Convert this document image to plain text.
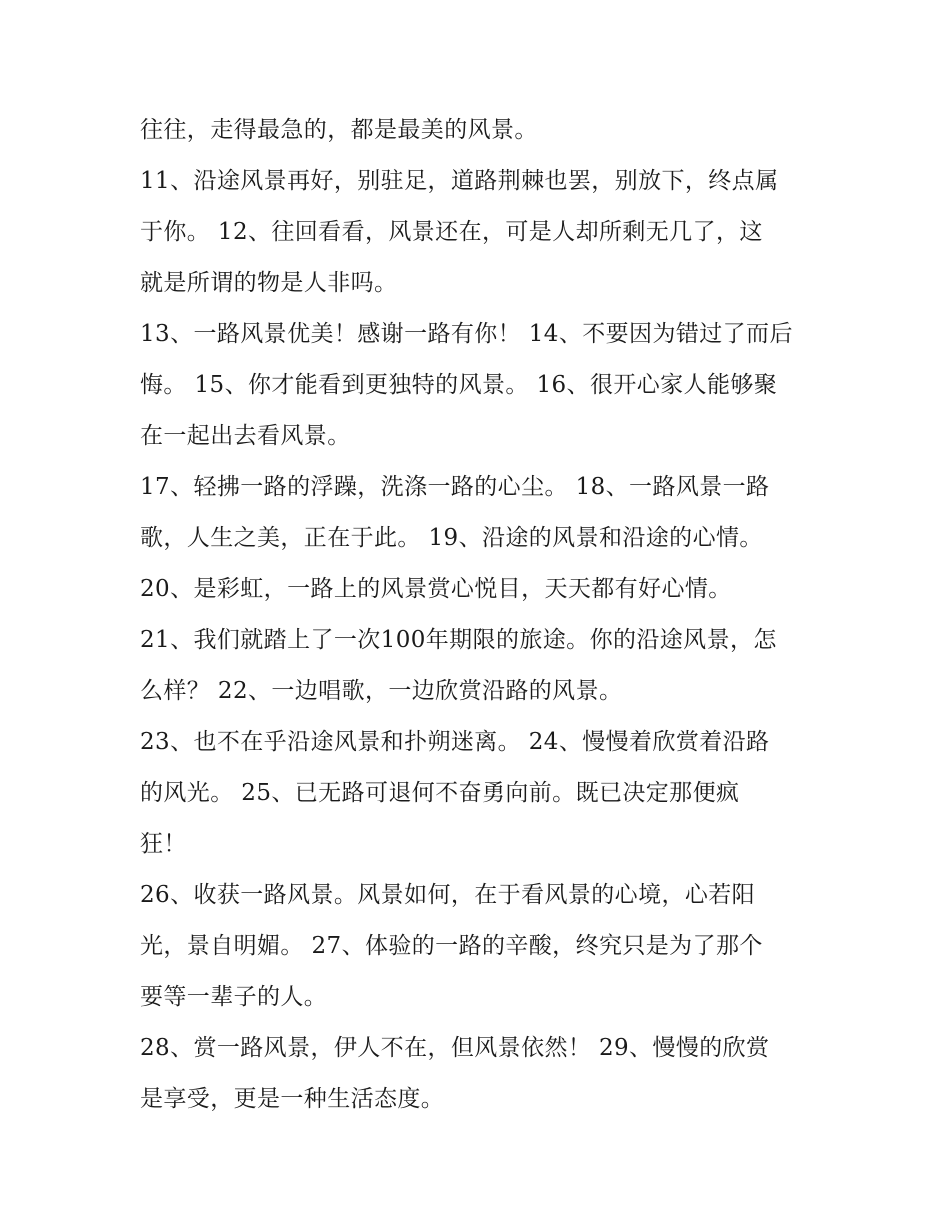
往往，走得最急的，都是最美的风景。
11、沿途风景再好，别驻足，道路荆棘也罢，别放下，终点属
于你。 12、往回看看，风景还在，可是人却所剩无几了，这
就是所谓的物是人非吗。
13、一路风景优美！感谢一路有你！ 14、不要因为错过了而后
悔。 15、你才能看到更独特的风景。 16、很开心家人能够聚
在一起出去看风景。
17、轻拂一路的浮躁，洗涤一路的心尘。 18、一路风景一路
歌，人生之美，正在于此。 19、沿途的风景和沿途的心情。
20、是彩虹，一路上的风景赏心悦目，天天都有好心情。
21、我们就踏上了一次100年期限的旅途。你的沿途风景，怎
么样？ 22、一边唱歌，一边欣赏沿路的风景。
23、也不在乎沿途风景和扑朔迷离。 24、慢慢着欣赏着沿路
的风光。 25、已无路可退何不奋勇向前。既已决定那便疯
狂！
26、收获一路风景。风景如何，在于看风景的心境，心若阳
光，景自明媚。 27、体验的一路的辛酸，终究只是为了那个
要等一辈子的人。
28、赏一路风景，伊人不在，但风景依然！ 29、慢慢的欣赏
是享受，更是一种生活态度。
